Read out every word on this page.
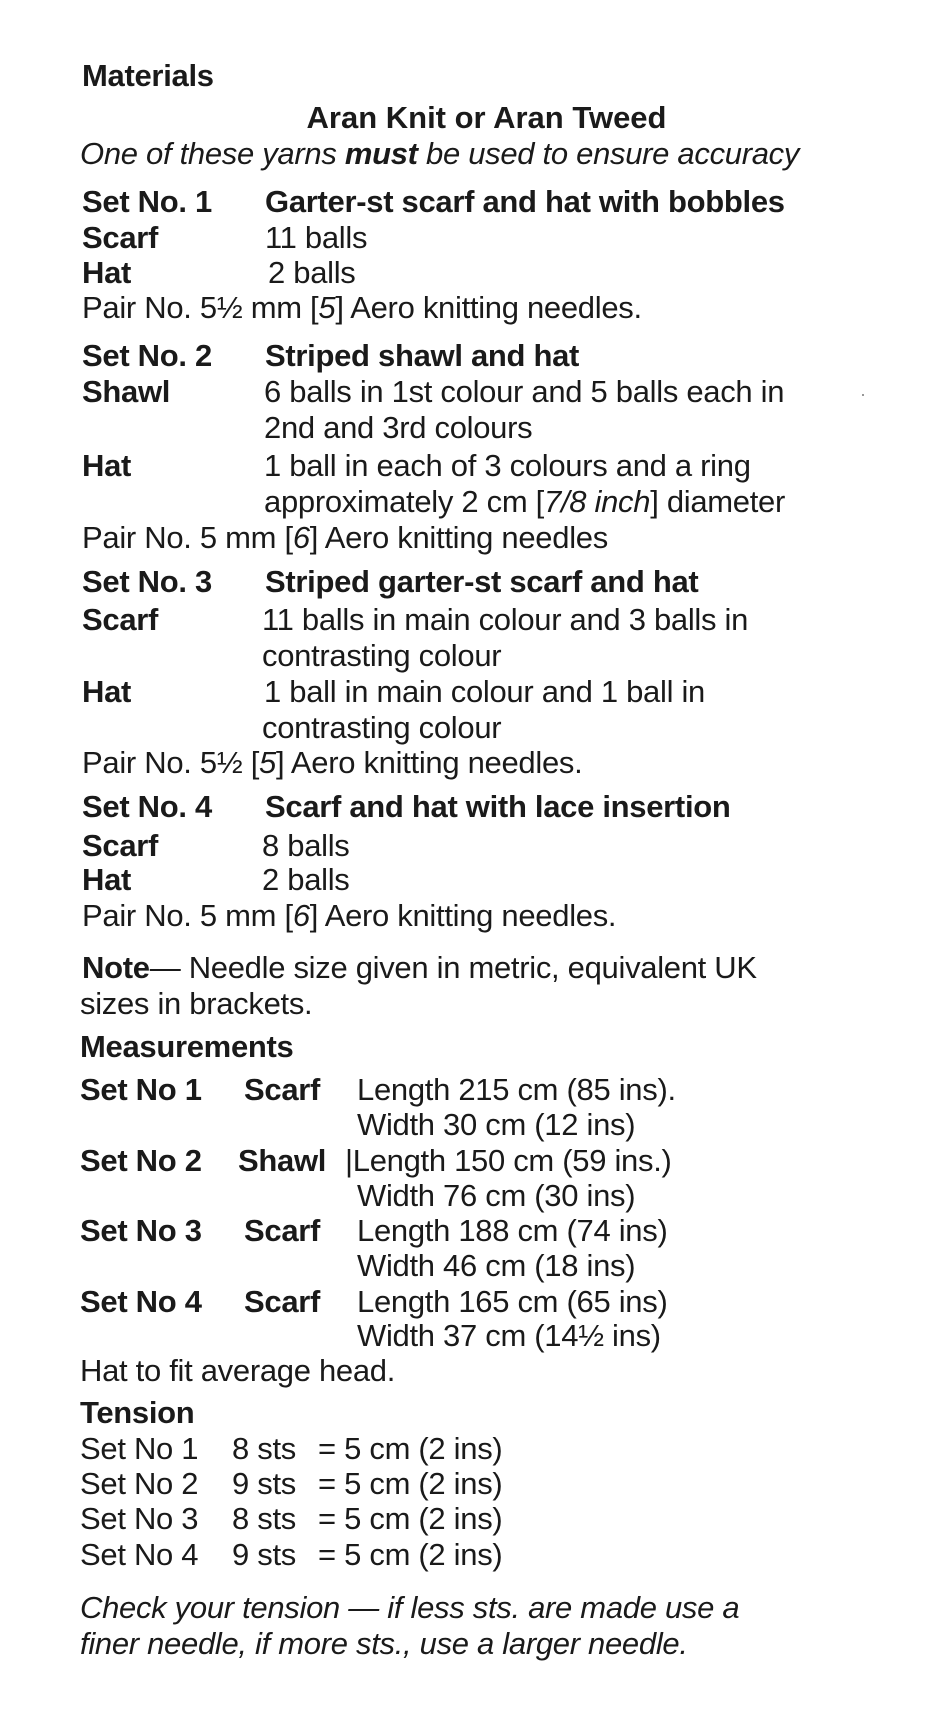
Materials
Aran Knit or Aran Tweed
One of these yarns must be used to ensure accuracy
Set No. 1 Garter-st scarf and hat with bobbles
Scarf	11 balls
Hat	2 balls
Pair No. 5½ mm [5] Aero knitting needles.
Set No. 2 Striped shawl and hat
Shawl	6 balls in 1st colour and 5 balls each in
2nd and 3rd colours
Hat	1 ball in each of 3 colours and a ring
approximately 2 cm [7/8 inch] diameter
Pair No. 5 mm [6] Aero knitting needles
Set No. 3 Striped garter-st scarf and hat
Scarf	11 balls in main colour and 3 balls in
contrasting colour
Hat	1 ball in main colour and 1 ball in
contrasting colour
Pair No. 5½ [5] Aero knitting needles.
Set No. 4 Scarf and hat with lace insertion
Scarf	8 balls
Hat	2 balls
Pair No. 5 mm [6] Aero knitting needles.
Note— Needle size given in metric, equivalent UK
sizes in brackets.
Measurements
Set No 1 Scarf Length 215 cm (85 ins).
Width 30 cm (12 ins)
Set No 2 Shawl |Length 150 cm (59 ins.)
Width 76 cm (30 ins)
Set No 3 Scarf Length 188 cm (74 ins)
Width 46 cm (18 ins)
Set No 4 Scarf Length 165 cm (65 ins)
Width 37 cm (14½ ins)
Hat to fit average head.
Tension
Set No 1 8 sts = 5 cm (2 ins)
Set No 2 9 sts = 5 cm (2 ins)
Set No 3 8 sts = 5 cm (2 ins)
Set No 4 9 sts = 5 cm (2 ins)
Check your tension — if less sts. are made use a
finer needle, if more sts., use a larger needle.
